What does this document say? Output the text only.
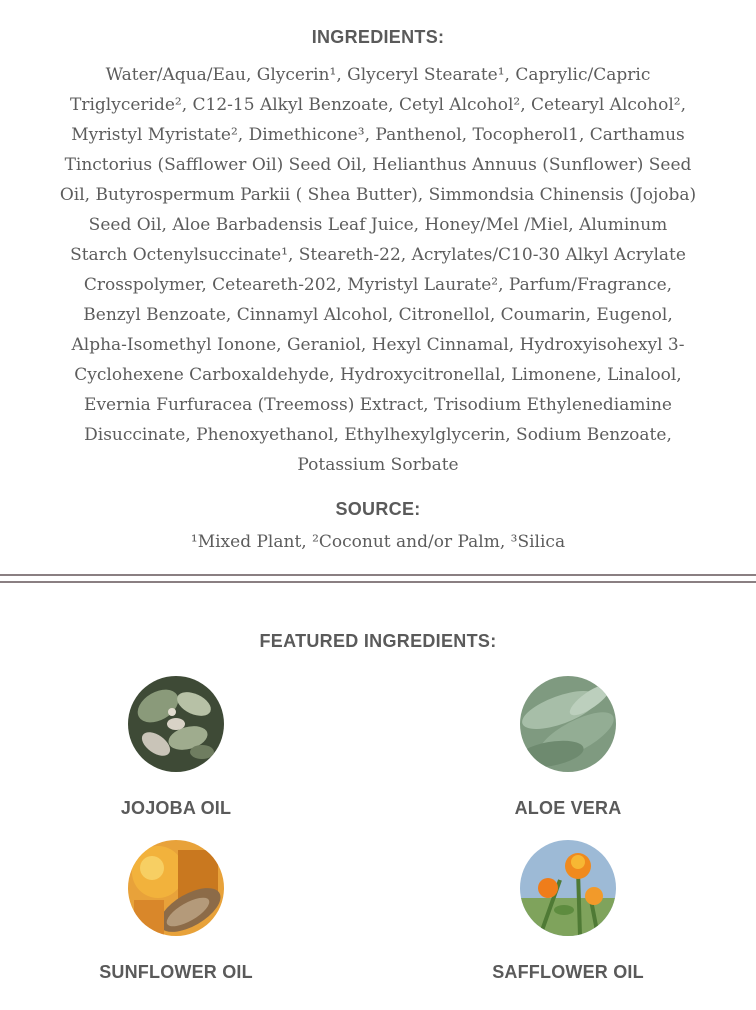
INGREDIENTS:
Water/Aqua/Eau, Glycerin¹, Glyceryl Stearate¹, Caprylic/Capric Triglyceride², C12-15 Alkyl Benzoate, Cetyl Alcohol², Cetearyl Alcohol², Myristyl Myristate², Dimethicone³, Panthenol, Tocopherol1, Carthamus Tinctorius (Safflower Oil) Seed Oil, Helianthus Annuus (Sunflower) Seed Oil, Butyrospermum Parkii ( Shea Butter), Simmondsia Chinensis (Jojoba) Seed Oil, Aloe Barbadensis Leaf Juice, Honey/Mel /Miel, Aluminum Starch Octenylsuccinate¹, Steareth-22, Acrylates/C10-30 Alkyl Acrylate Crosspolymer, Ceteareth-202, Myristyl Laurate², Parfum/Fragrance, Benzyl Benzoate, Cinnamyl Alcohol, Citronellol, Coumarin, Eugenol, Alpha-Isomethyl Ionone, Geraniol, Hexyl Cinnamal, Hydroxyisohexyl 3-Cyclohexene Carboxaldehyde, Hydroxycitronellal, Limonene, Linalool, Evernia Furfuracea (Treemoss) Extract, Trisodium Ethylenediamine Disuccinate, Phenoxyethanol, Ethylhexylglycerin, Sodium Benzoate, Potassium Sorbate
SOURCE:
¹Mixed Plant, ²Coconut and/or Palm, ³Silica
FEATURED INGREDIENTS:
JOJOBA OIL	ALOE VERA
SUNFLOWER OIL	SAFFLOWER OIL
